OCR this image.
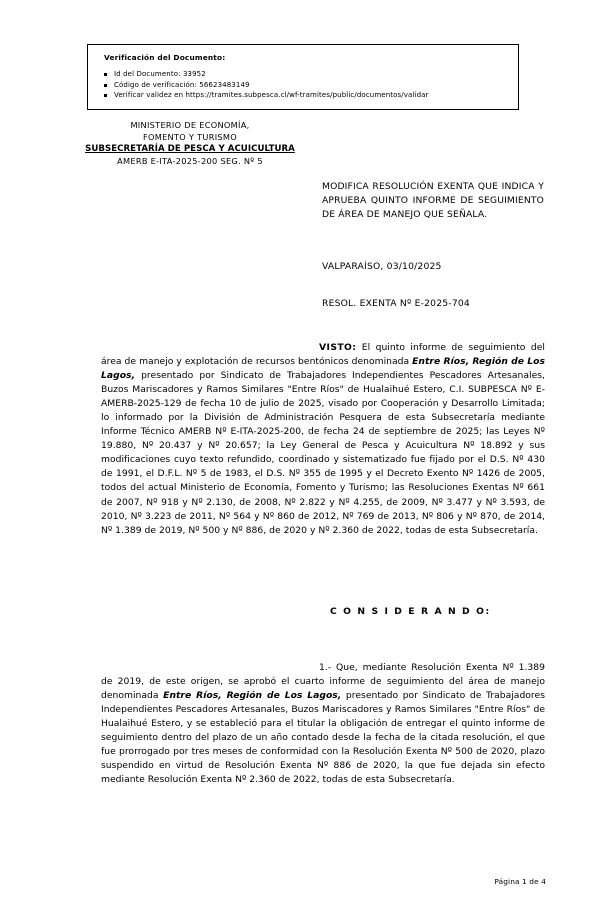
Verificación del Documento:
Id del Documento: 33952
Código de verificación: 56623483149
Verificar validez en https://tramites.subpesca.cl/wf-tramites/public/documentos/validar
MINISTERIO DE ECONOMÍA,
FOMENTO Y TURISMO
SUBSECRETARÍA DE PESCA Y ACUICULTURA
AMERB E-ITA-2025-200 SEG. Nº 5
MODIFICA RESOLUCIÓN EXENTA QUE INDICA Y APRUEBA QUINTO INFORME DE SEGUIMIENTO DE ÁREA DE MANEJO QUE SEÑALA.
VALPARAÍSO, 03/10/2025
RESOL. EXENTA Nº E-2025-704

VISTO: El quinto informe de seguimiento del área de manejo y explotación de recursos bentónicos denominada Entre Ríos, Región de Los Lagos, presentado por Sindicato de Trabajadores Independientes Pescadores Artesanales, Buzos Mariscadores y Ramos Similares "Entre Ríos" de Hualaihué Estero, C.I. SUBPESCA Nº E-AMERB-2025-129 de fecha 10 de julio de 2025, visado por Cooperación y Desarrollo Limitada; lo informado por la División de Administración Pesquera de esta Subsecretaría mediante Informe Técnico AMERB Nº E-ITA-2025-200, de fecha 24 de septiembre de 2025; las Leyes Nº 19.880, Nº 20.437 y Nº 20.657; la Ley General de Pesca y Acuicultura Nº 18.892 y sus modificaciones cuyo texto refundido, coordinado y sistematizado fue fijado por el D.S. Nº 430 de 1991, el D.F.L. Nº 5 de 1983, el D.S. Nº 355 de 1995 y el Decreto Exento Nº 1426 de 2005, todos del actual Ministerio de Economía, Fomento y Turismo; las Resoluciones Exentas Nº 661 de 2007, Nº 918 y Nº 2.130, de 2008, Nº 2.822 y Nº 4.255, de 2009, Nº 3.477 y Nº 3.593, de 2010, Nº 3.223 de 2011, Nº 564 y Nº 860 de 2012, Nº 769 de 2013, Nº 806 y Nº 870, de 2014, Nº 1.389 de 2019, Nº 500 y Nº 886, de 2020 y Nº 2.360 de 2022, todas de esta Subsecretaría.

C O N S I D E R A N D O:

1.- Que, mediante Resolución Exenta Nº 1.389 de 2019, de este origen, se aprobó el cuarto informe de seguimiento del área de manejo denominada Entre Ríos, Región de Los Lagos, presentado por Sindicato de Trabajadores Independientes Pescadores Artesanales, Buzos Mariscadores y Ramos Similares "Entre Ríos" de Hualaihué Estero, y se estableció para el titular la obligación de entregar el quinto informe de seguimiento dentro del plazo de un año contado desde la fecha de la citada resolución, el que fue prorrogado por tres meses de conformidad con la Resolución Exenta Nº 500 de 2020, plazo suspendido en virtud de Resolución Exenta Nº 886 de 2020, la que fue dejada sin efecto mediante Resolución Exenta Nº 2.360 de 2022, todas de esta Subsecretaría.

Página 1 de 4
